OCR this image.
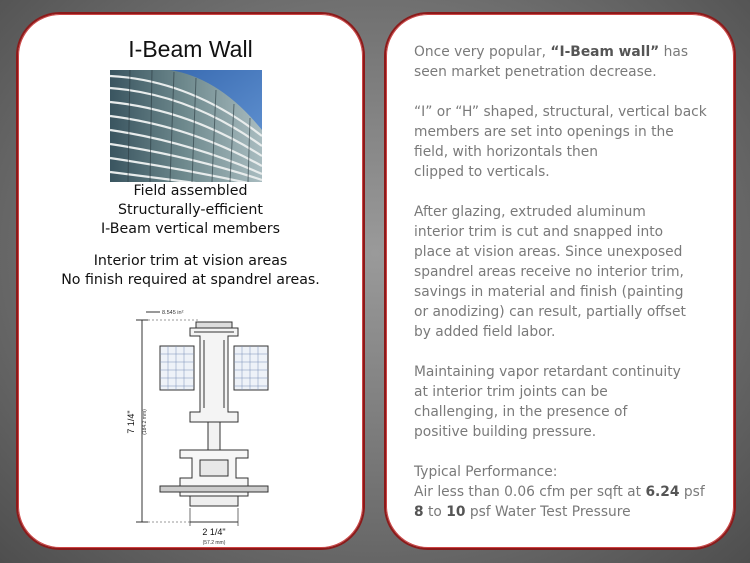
I-Beam Wall
Field assembled
Structurally-efficient
I-Beam vertical members
Interior trim at vision areas
No finish required at spandrel areas.
8.545 in²
7 1/4" (184.2 mm)
2 1/4"
(57.2 mm)

Once very popular, “I-Beam wall” has seen market penetration decrease.

“I” or “H” shaped, structural, vertical back
members are set into openings in the
field, with horizontals then
clipped to verticals.

After glazing, extruded aluminum
interior trim is cut and snapped into
place at vision areas. Since unexposed
spandrel areas receive no interior trim,
savings in material and finish (painting
or anodizing) can result, partially offset
by added field labor.

Maintaining vapor retardant continuity
at interior trim joints can be
challenging, in the presence of
positive building pressure.

Typical Performance:
Air less than 0.06 cfm per sqft at 6.24 psf
8 to 10 psf Water Test Pressure
